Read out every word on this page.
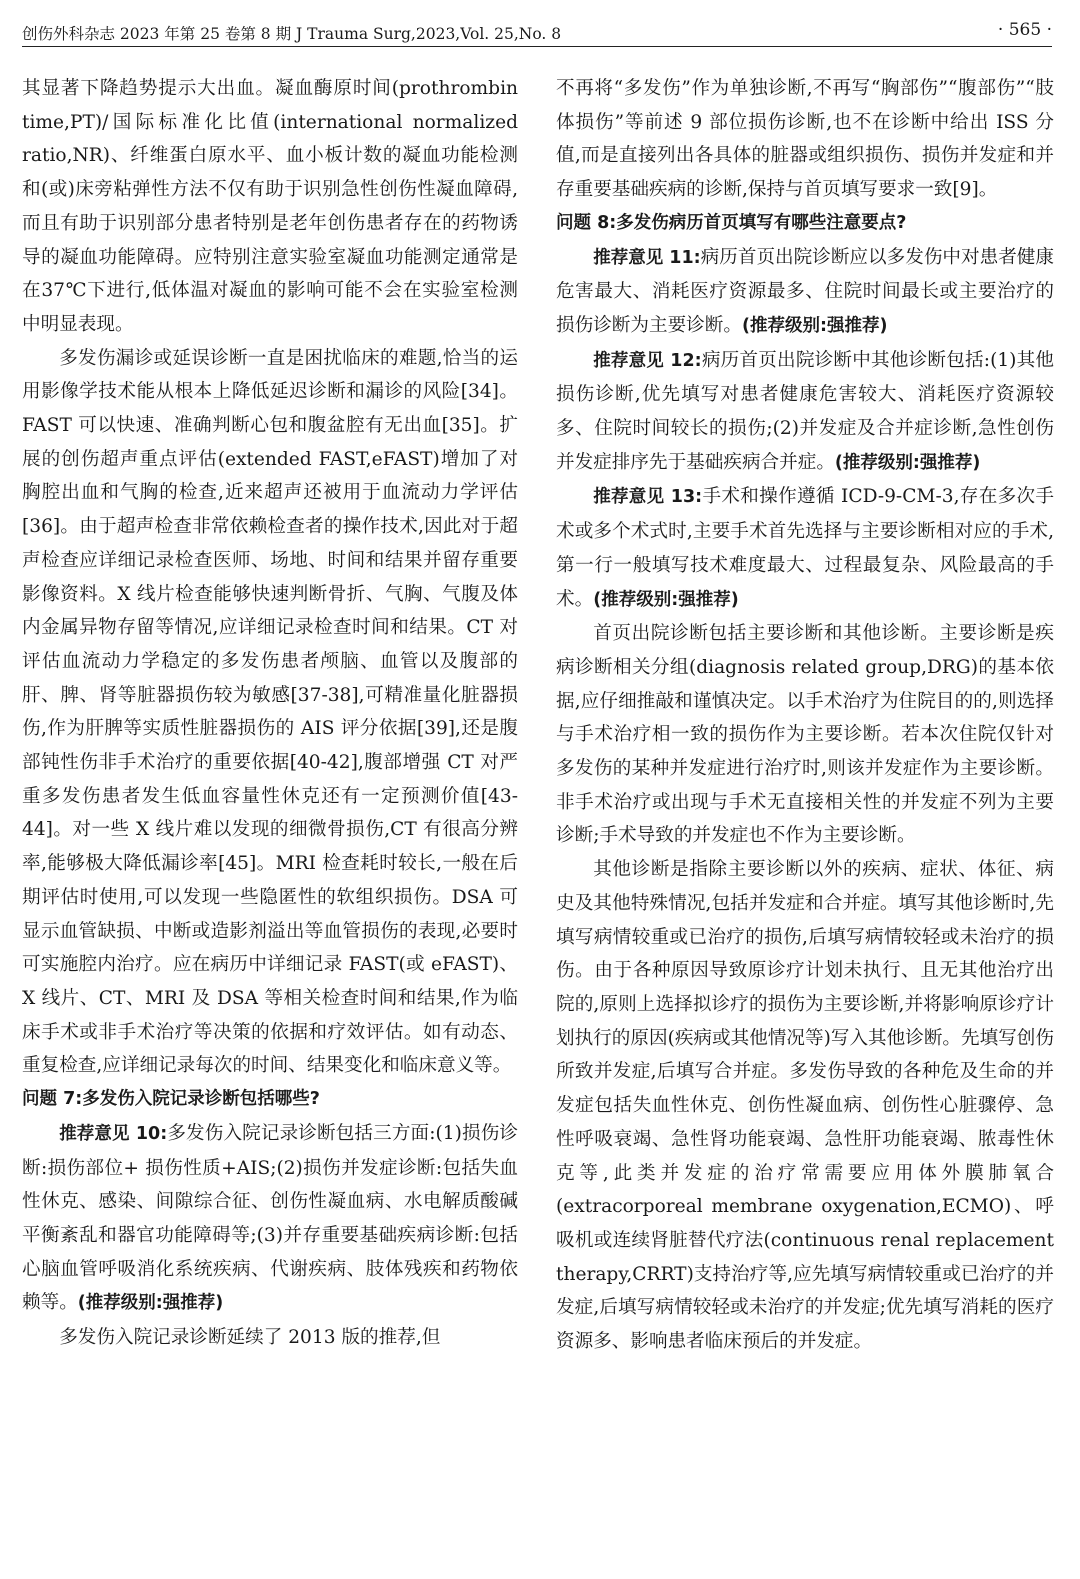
创伤外科杂志 2023 年第 25 卷第 8 期 J Trauma Surg,2023,Vol. 25,No. 8	· 565 ·

其显著下降趋势提示大出血。凝血酶原时间(prothrombin time,PT)/国际标准化比值(international normalized ratio,NR)、纤维蛋白原水平、血小板计数的凝血功能检测和(或)床旁粘弹性方法不仅有助于识别急性创伤性凝血障碍,而且有助于识别部分患者特别是老年创伤患者存在的药物诱导的凝血功能障碍。应特别注意实验室凝血功能测定通常是在37℃下进行,低体温对凝血的影响可能不会在实验室检测中明显表现。

多发伤漏诊或延误诊断一直是困扰临床的难题,恰当的运用影像学技术能从根本上降低延迟诊断和漏诊的风险[34]。FAST 可以快速、准确判断心包和腹盆腔有无出血[35]。扩展的创伤超声重点评估(extended FAST,eFAST)增加了对胸腔出血和气胸的检查,近来超声还被用于血流动力学评估[36]。由于超声检查非常依赖检查者的操作技术,因此对于超声检查应详细记录检查医师、场地、时间和结果并留存重要影像资料。X 线片检查能够快速判断骨折、气胸、气腹及体内金属异物存留等情况,应详细记录检查时间和结果。CT 对评估血流动力学稳定的多发伤患者颅脑、血管以及腹部的肝、脾、肾等脏器损伤较为敏感[37-38],可精准量化脏器损伤,作为肝脾等实质性脏器损伤的 AIS 评分依据[39],还是腹部钝性伤非手术治疗的重要依据[40-42],腹部增强 CT 对严重多发伤患者发生低血容量性休克还有一定预测价值[43-44]。对一些 X 线片难以发现的细微骨损伤,CT 有很高分辨率,能够极大降低漏诊率[45]。MRI 检查耗时较长,一般在后期评估时使用,可以发现一些隐匿性的软组织损伤。DSA 可显示血管缺损、中断或造影剂溢出等血管损伤的表现,必要时可实施腔内治疗。应在病历中详细记录 FAST(或 eFAST)、X 线片、CT、MRI 及 DSA 等相关检查时间和结果,作为临床手术或非手术治疗等决策的依据和疗效评估。如有动态、重复检查,应详细记录每次的时间、结果变化和临床意义等。

问题 7:多发伤入院记录诊断包括哪些?

推荐意见 10:多发伤入院记录诊断包括三方面:(1)损伤诊断:损伤部位+ 损伤性质+AIS;(2)损伤并发症诊断:包括失血性休克、感染、间隙综合征、创伤性凝血病、水电解质酸碱平衡紊乱和器官功能障碍等;(3)并存重要基础疾病诊断:包括心脑血管呼吸消化系统疾病、代谢疾病、肢体残疾和药物依赖等。(推荐级别:强推荐)

多发伤入院记录诊断延续了 2013 版的推荐,但

不再将“多发伤”作为单独诊断,不再写“胸部伤”“腹部伤”“肢体损伤”等前述 9 部位损伤诊断,也不在诊断中给出 ISS 分值,而是直接列出各具体的脏器或组织损伤、损伤并发症和并存重要基础疾病的诊断,保持与首页填写要求一致[9]。

问题 8:多发伤病历首页填写有哪些注意要点?

推荐意见 11:病历首页出院诊断应以多发伤中对患者健康危害最大、消耗医疗资源最多、住院时间最长或主要治疗的损伤诊断为主要诊断。(推荐级别:强推荐)

推荐意见 12:病历首页出院诊断中其他诊断包括:(1)其他损伤诊断,优先填写对患者健康危害较大、消耗医疗资源较多、住院时间较长的损伤;(2)并发症及合并症诊断,急性创伤并发症排序先于基础疾病合并症。(推荐级别:强推荐)

推荐意见 13:手术和操作遵循 ICD-9-CM-3,存在多次手术或多个术式时,主要手术首先选择与主要诊断相对应的手术,第一行一般填写技术难度最大、过程最复杂、风险最高的手术。(推荐级别:强推荐)

首页出院诊断包括主要诊断和其他诊断。主要诊断是疾病诊断相关分组(diagnosis related group,DRG)的基本依据,应仔细推敲和谨慎决定。以手术治疗为住院目的的,则选择与手术治疗相一致的损伤作为主要诊断。若本次住院仅针对多发伤的某种并发症进行治疗时,则该并发症作为主要诊断。非手术治疗或出现与手术无直接相关性的并发症不列为主要诊断;手术导致的并发症也不作为主要诊断。

其他诊断是指除主要诊断以外的疾病、症状、体征、病史及其他特殊情况,包括并发症和合并症。填写其他诊断时,先填写病情较重或已治疗的损伤,后填写病情较轻或未治疗的损伤。由于各种原因导致原诊疗计划未执行、且无其他治疗出院的,原则上选择拟诊疗的损伤为主要诊断,并将影响原诊疗计划执行的原因(疾病或其他情况等)写入其他诊断。先填写创伤所致并发症,后填写合并症。多发伤导致的各种危及生命的并发症包括失血性休克、创伤性凝血病、创伤性心脏骤停、急性呼吸衰竭、急性肾功能衰竭、急性肝功能衰竭、脓毒性休克等,此类并发症的治疗常需要应用体外膜肺氧合(extracorporeal membrane oxygenation,ECMO)、呼吸机或连续肾脏替代疗法(continuous renal replacement therapy,CRRT)支持治疗等,应先填写病情较重或已治疗的并发症,后填写病情较轻或未治疗的并发症;优先填写消耗的医疗资源多、影响患者临床预后的并发症。
